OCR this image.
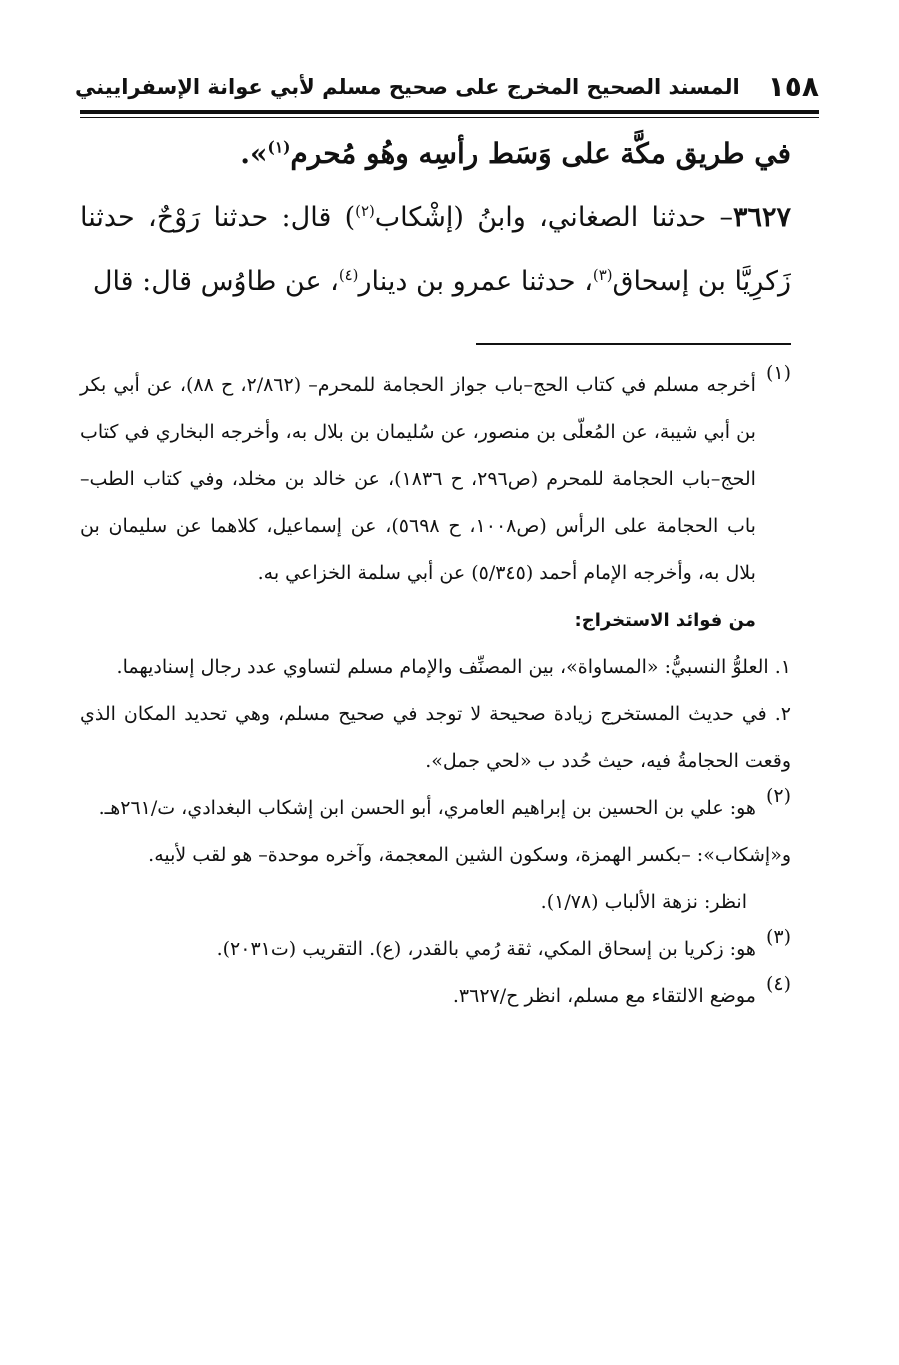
١٥٨
المسند الصحيح المخرج على صحيح مسلم لأبي عوانة الإسفراييني

في طريق مكَّة على وَسَط رأسِه وهُو مُحرم$^{(١)}$».

٣٦٢٧– حدثنا الصغاني، وابنُ (إشْكاب$^{(٢)}$) قال: حدثنا رَوْحٌ، حدثنا زَكرِيَّا بن إسحاق$^{(٣)}$، حدثنا عمرو بن دينار$^{(٤)}$، عن طاوُس قال: قال

(١)

أخرجه مسلم في كتاب الحج–باب جواز الحجامة للمحرم– (٢/٨٦٢، ح ٨٨)، عن أبي بكر بن أبي شيبة، عن المُعلّى بن منصور، عن سُليمان بن بلال به، وأخرجه البخاري في كتاب الحج–باب الحجامة للمحرم (ص٢٩٦، ح ١٨٣٦)، عن خالد بن مخلد، وفي كتاب الطب–باب الحجامة على الرأس (ص١٠٠٨، ح ٥٦٩٨)، عن إسماعيل، كلاهما عن سليمان بن بلال به، وأخرجه الإمام أحمد (٥/٣٤٥) عن أبي سلمة الخزاعي به.

من فوائد الاستخراج:

١. العلوُّ النسبيُّ: «المساواة»، بين المصنِّف والإمام مسلم لتساوي عدد رجال إسناديهما.

٢. في حديث المستخرج زيادة صحيحة لا توجد في صحيح مسلم، وهي تحديد المكان الذي وقعت الحجامةُ فيه، حيث حُدد ب «لحي جمل».

(٢)

هو: علي بن الحسين بن إبراهيم العامري، أبو الحسن ابن إشكاب البغدادي، ت/٢٦١هـ.

و«إشكاب»: –بكسر الهمزة، وسكون الشين المعجمة، وآخره موحدة– هو لقب لأبيه.

انظر: نزهة الألباب (١/٧٨).

(٣)

هو: زكريا بن إسحاق المكي، ثقة رُمي بالقدر، (ع). التقريب (ت٢٠٣١).

(٤)

موضع الالتقاء مع مسلم، انظر ح/٣٦٢٧.
